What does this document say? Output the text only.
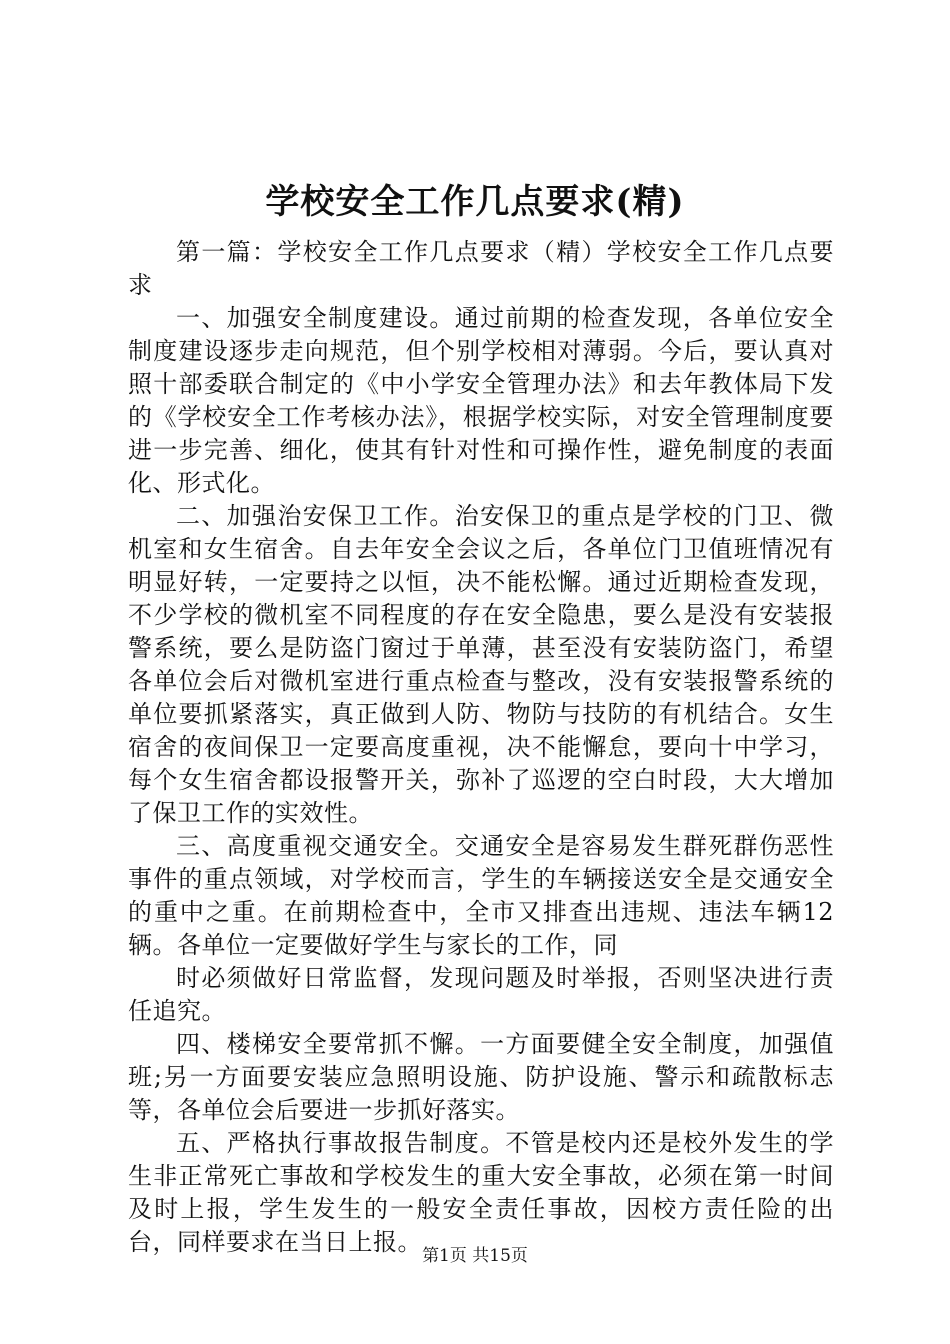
学校安全工作几点要求(精)

第一篇：学校安全工作几点要求（精）学校安全工作几点要求

一、加强安全制度建设。通过前期的检查发现，各单位安全制度建设逐步走向规范，但个别学校相对薄弱。今后，要认真对照十部委联合制定的《中小学安全管理办法》和去年教体局下发的《学校安全工作考核办法》，根据学校实际，对安全管理制度要进一步完善、细化，使其有针对性和可操作性，避免制度的表面化、形式化。

二、加强治安保卫工作。治安保卫的重点是学校的门卫、微机室和女生宿舍。自去年安全会议之后，各单位门卫值班情况有明显好转，一定要持之以恒，决不能松懈。通过近期检查发现，不少学校的微机室不同程度的存在安全隐患，要么是没有安装报警系统，要么是防盗门窗过于单薄，甚至没有安装防盗门，希望各单位会后对微机室进行重点检查与整改，没有安装报警系统的单位要抓紧落实，真正做到人防、物防与技防的有机结合。女生宿舍的夜间保卫一定要高度重视，决不能懈怠，要向十中学习，每个女生宿舍都设报警开关，弥补了巡逻的空白时段，大大增加了保卫工作的实效性。

三、高度重视交通安全。交通安全是容易发生群死群伤恶性事件的重点领域，对学校而言，学生的车辆接送安全是交通安全的重中之重。在前期检查中，全市又排查出违规、违法车辆12辆。各单位一定要做好学生与家长的工作，同

时必须做好日常监督，发现问题及时举报，否则坚决进行责任追究。

四、楼梯安全要常抓不懈。一方面要健全安全制度，加强值班;另一方面要安装应急照明设施、防护设施、警示和疏散标志等，各单位会后要进一步抓好落实。

五、严格执行事故报告制度。不管是校内还是校外发生的学生非正常死亡事故和学校发生的重大安全事故，必须在第一时间及时上报，学生发生的一般安全责任事故，因校方责任险的出台，同样要求在当日上报。 第1页 共15页
